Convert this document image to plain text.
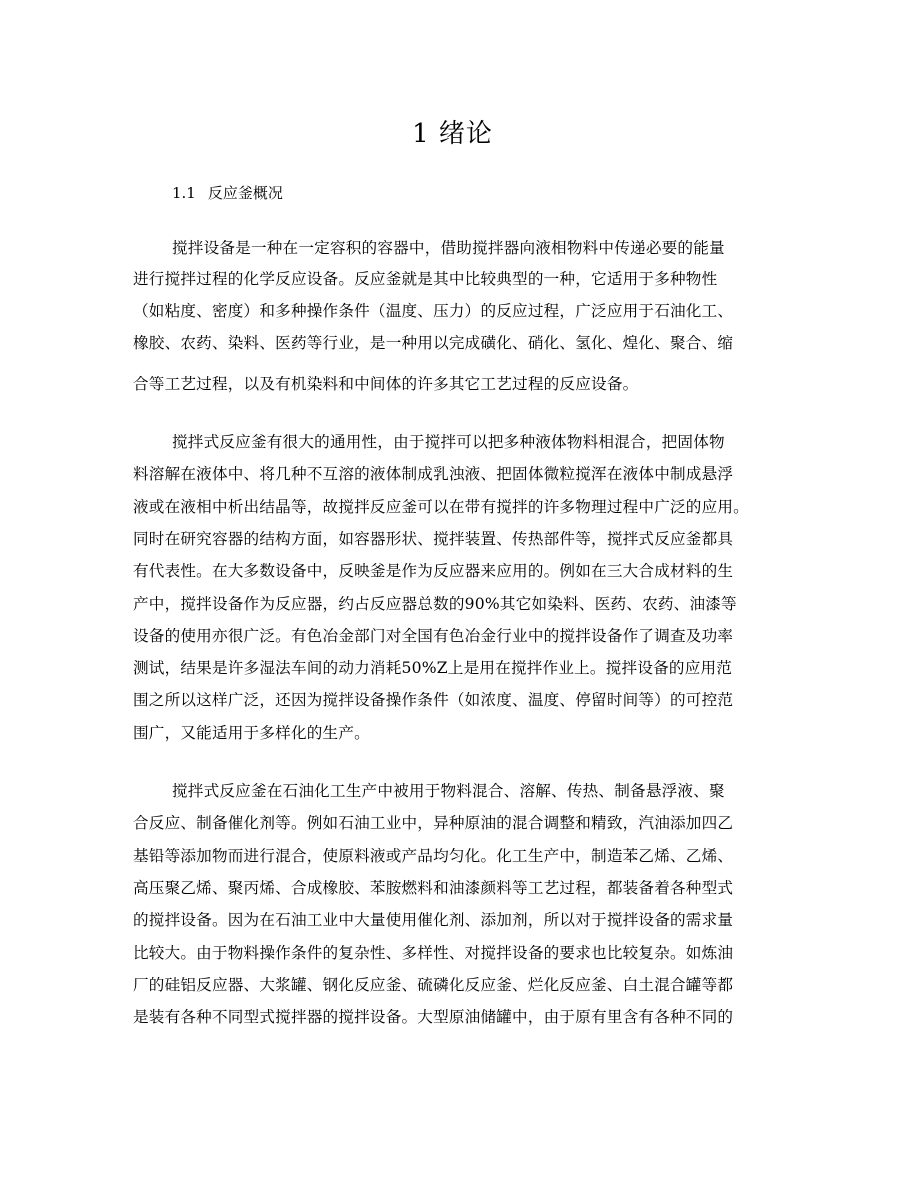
1 绪论
1.1 反应釜概况
搅拌设备是一种在一定容积的容器中，借助搅拌器向液相物料中传递必要的能量
进行搅拌过程的化学反应设备。反应釜就是其中比较典型的一种，它适用于多种物性
（如粘度、密度）和多种操作条件（温度、压力）的反应过程，广泛应用于石油化工、
橡胶、农药、染料、医药等行业，是一种用以完成磺化、硝化、氢化、煌化、聚合、缩
合等工艺过程，以及有机染料和中间体的许多其它工艺过程的反应设备。
搅拌式反应釜有很大的通用性，由于搅拌可以把多种液体物料相混合，把固体物
料溶解在液体中、将几种不互溶的液体制成乳浊液、把固体微粒搅浑在液体中制成悬浮
液或在液相中析出结晶等，故搅拌反应釜可以在带有搅拌的许多物理过程中广泛的应用。
同时在研究容器的结构方面，如容器形状、搅拌装置、传热部件等，搅拌式反应釜都具
有代表性。在大多数设备中，反映釜是作为反应器来应用的。例如在三大合成材料的生
产中，搅拌设备作为反应器，约占反应器总数的90%其它如染料、医药、农药、油漆等
设备的使用亦很广泛。有色冶金部门对全国有色冶金行业中的搅拌设备作了调查及功率
测试，结果是许多湿法车间的动力消耗50%Z上是用在搅拌作业上。搅拌设备的应用范
围之所以这样广泛，还因为搅拌设备操作条件（如浓度、温度、停留时间等）的可控范
围广，又能适用于多样化的生产。
搅拌式反应釜在石油化工生产中被用于物料混合、溶解、传热、制备悬浮液、聚
合反应、制备催化剂等。例如石油工业中，异种原油的混合调整和精致，汽油添加四乙
基铅等添加物而进行混合，使原料液或产品均匀化。化工生产中，制造苯乙烯、乙烯、
高压聚乙烯、聚丙烯、合成橡胶、苯胺燃料和油漆颜料等工艺过程，都装备着各种型式
的搅拌设备。因为在石油工业中大量使用催化剂、添加剂，所以对于搅拌设备的需求量
比较大。由于物料操作条件的复杂性、多样性、对搅拌设备的要求也比较复杂。如炼油
厂的硅铝反应器、大浆罐、钢化反应釜、硫磷化反应釜、烂化反应釜、白土混合罐等都
是装有各种不同型式搅拌器的搅拌设备。大型原油储罐中，由于原有里含有各种不同的
